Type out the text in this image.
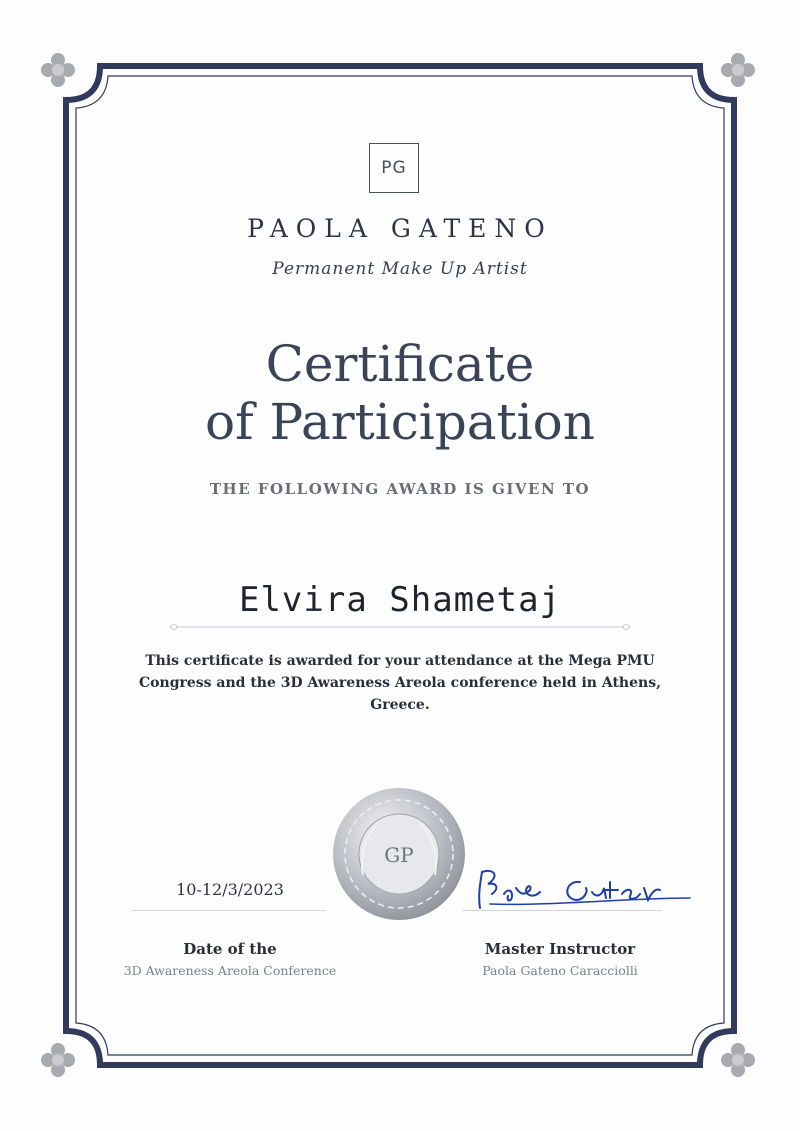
PG
PAOLA GATENO
Permanent Make Up Artist
Certificate
of Participation
THE FOLLOWING AWARD IS GIVEN TO
Elvira Shametaj
This certificate is awarded for your attendance at the Mega PMU Congress and the 3D Awareness Areola conference held in Athens, Greece.
GP
10-12/3/2023
Date of the
3D Awareness Areola Conference
Master Instructor
Paola Gateno Caracciolli
